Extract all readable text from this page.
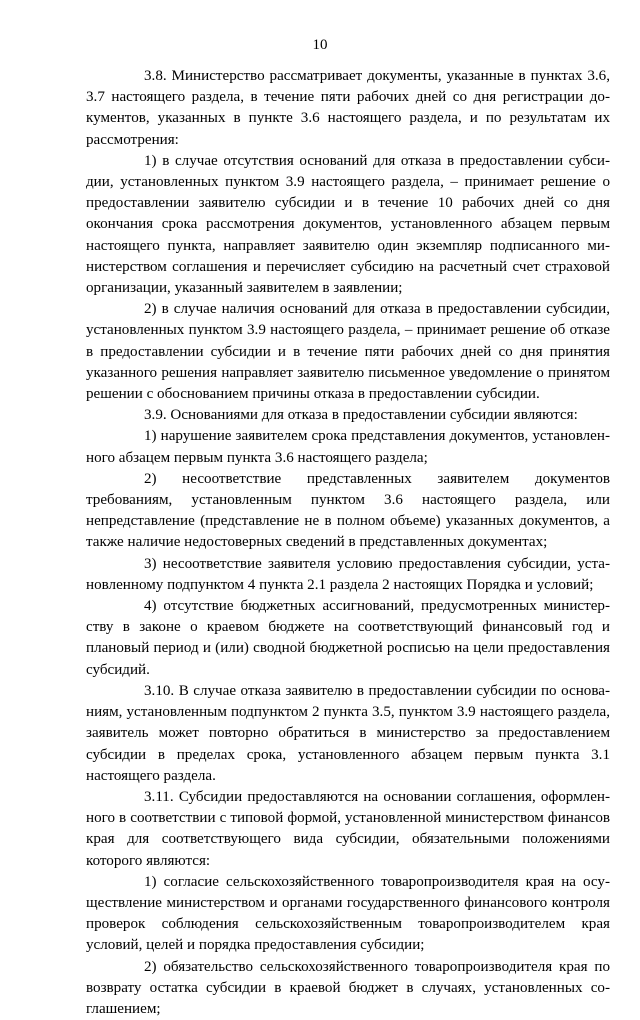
10

3.8. Министерство рассматривает документы, указанные в пунктах 3.6, 3.7 настоящего раздела, в течение пяти рабочих дней со дня регистрации документов, указанных в пункте 3.6 настоящего раздела, и по результатам их рассмотрения:

1) в случае отсутствия оснований для отказа в предоставлении субсидии, установленных пунктом 3.9 настоящего раздела, – принимает решение о предоставлении заявителю субсидии и в течение 10 рабочих дней со дня окончания срока рассмотрения документов, установленного абзацем первым настоящего пункта, направляет заявителю один экземпляр подписанного министерством соглашения и перечисляет субсидию на расчетный счет страховой организации, указанный заявителем в заявлении;

2) в случае наличия оснований для отказа в предоставлении субсидии, установленных пунктом 3.9 настоящего раздела, – принимает решение об отказе в предоставлении субсидии и в течение пяти рабочих дней со дня принятия указанного решения направляет заявителю письменное уведомление о принятом решении с обоснованием причины отказа в предоставлении субсидии.

3.9. Основаниями для отказа в предоставлении субсидии являются:

1) нарушение заявителем срока представления документов, установленного абзацем первым пункта 3.6 настоящего раздела;

2) несоответствие представленных заявителем документов требованиям, установленным пунктом 3.6 настоящего раздела, или непредставление (представление не в полном объеме) указанных документов, а также наличие недостоверных сведений в представленных документах;

3) несоответствие заявителя условию предоставления субсидии, установленному подпунктом 4 пункта 2.1 раздела 2 настоящих Порядка и условий;

4) отсутствие бюджетных ассигнований, предусмотренных министерству в законе о краевом бюджете на соответствующий финансовый год и плановый период и (или) сводной бюджетной росписью на цели предоставления субсидий.

3.10. В случае отказа заявителю в предоставлении субсидии по основаниям, установленным подпунктом 2 пункта 3.5, пунктом 3.9 настоящего раздела, заявитель может повторно обратиться в министерство за предоставлением субсидии в пределах срока, установленного абзацем первым пункта 3.1 настоящего раздела.

3.11. Субсидии предоставляются на основании соглашения, оформленного в соответствии с типовой формой, установленной министерством финансов края для соответствующего вида субсидии, обязательными положениями которого являются:

1) согласие сельскохозяйственного товаропроизводителя края на осуществление министерством и органами государственного финансового контроля проверок соблюдения сельскохозяйственным товаропроизводителем края условий, целей и порядка предоставления субсидии;

2) обязательство сельскохозяйственного товаропроизводителя края по возврату остатка субсидии в краевой бюджет в случаях, установленных соглашением;
